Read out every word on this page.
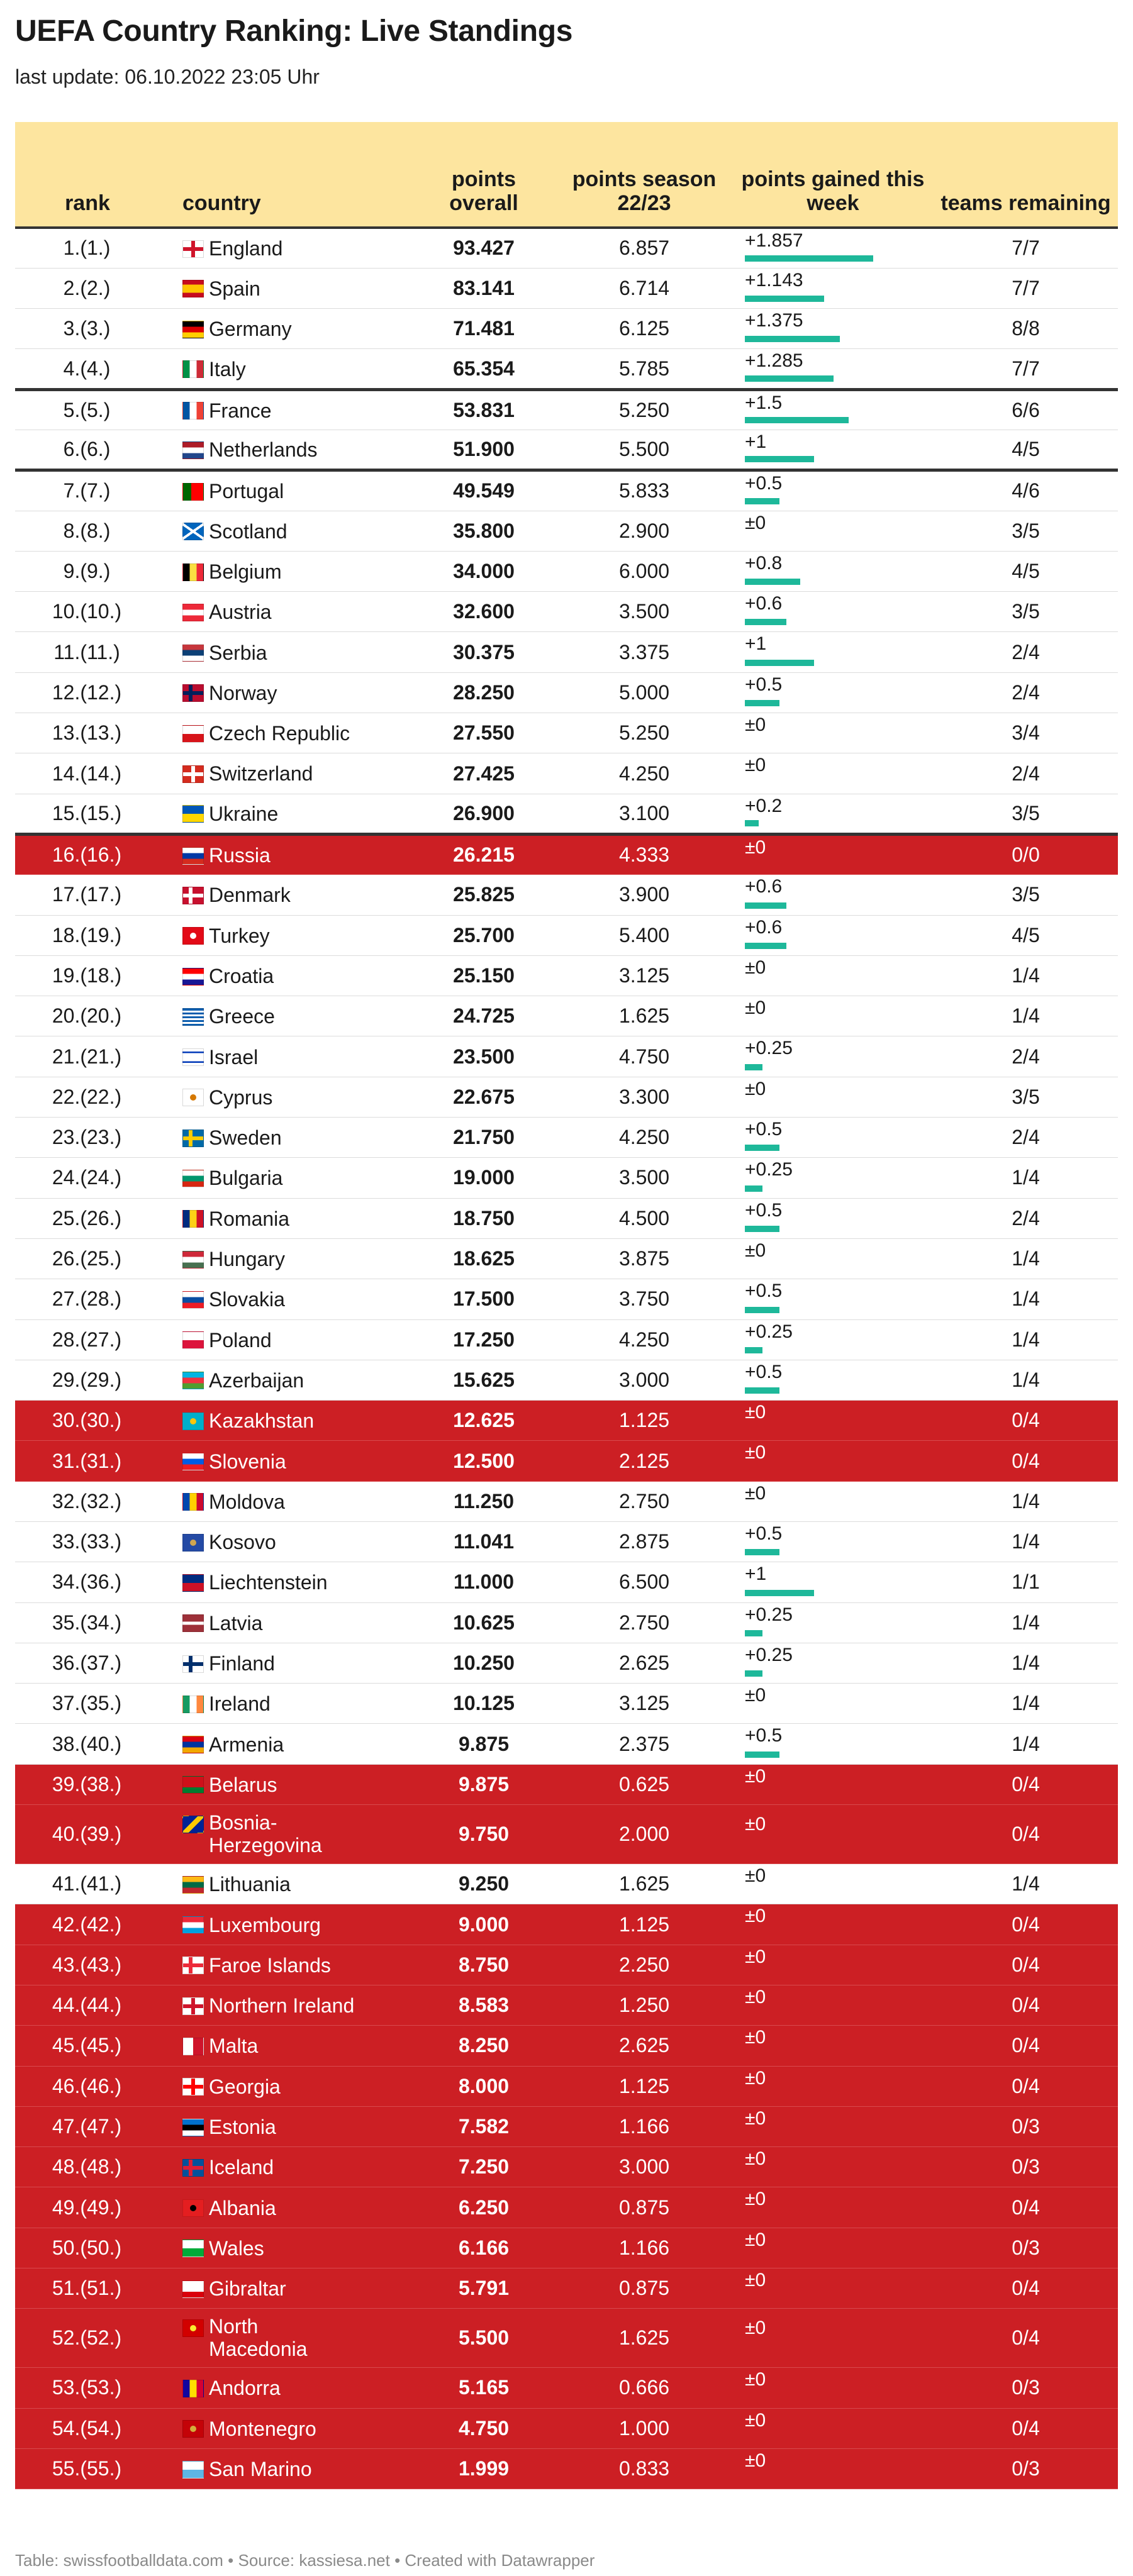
UEFA Country Ranking: Live Standings
last update: 06.10.2022 23:05 Uhr
rank	country	points overall	points season 22/23	points gained this week	teams remaining
1.(1.)	England	93.427	6.857	+1.857	7/7
2.(2.)	Spain	83.141	6.714	+1.143	7/7
3.(3.)	Germany	71.481	6.125	+1.375	8/8
4.(4.)	Italy	65.354	5.785	+1.285	7/7
5.(5.)	France	53.831	5.250	+1.5	6/6
6.(6.)	Netherlands	51.900	5.500	+1	4/5
7.(7.)	Portugal	49.549	5.833	+0.5	4/6
8.(8.)	Scotland	35.800	2.900	±0	3/5
9.(9.)	Belgium	34.000	6.000	+0.8	4/5
10.(10.)	Austria	32.600	3.500	+0.6	3/5
11.(11.)	Serbia	30.375	3.375	+1	2/4
12.(12.)	Norway	28.250	5.000	+0.5	2/4
13.(13.)	Czech Republic	27.550	5.250	±0	3/4
14.(14.)	Switzerland	27.425	4.250	±0	2/4
15.(15.)	Ukraine	26.900	3.100	+0.2	3/5
16.(16.)	Russia	26.215	4.333	±0	0/0
17.(17.)	Denmark	25.825	3.900	+0.6	3/5
18.(19.)	Turkey	25.700	5.400	+0.6	4/5
19.(18.)	Croatia	25.150	3.125	±0	1/4
20.(20.)	Greece	24.725	1.625	±0	1/4
21.(21.)	Israel	23.500	4.750	+0.25	2/4
22.(22.)	Cyprus	22.675	3.300	±0	3/5
23.(23.)	Sweden	21.750	4.250	+0.5	2/4
24.(24.)	Bulgaria	19.000	3.500	+0.25	1/4
25.(26.)	Romania	18.750	4.500	+0.5	2/4
26.(25.)	Hungary	18.625	3.875	±0	1/4
27.(28.)	Slovakia	17.500	3.750	+0.5	1/4
28.(27.)	Poland	17.250	4.250	+0.25	1/4
29.(29.)	Azerbaijan	15.625	3.000	+0.5	1/4
30.(30.)	Kazakhstan	12.625	1.125	±0	0/4
31.(31.)	Slovenia	12.500	2.125	±0	0/4
32.(32.)	Moldova	11.250	2.750	±0	1/4
33.(33.)	Kosovo	11.041	2.875	+0.5	1/4
34.(36.)	Liechtenstein	11.000	6.500	+1	1/1
35.(34.)	Latvia	10.625	2.750	+0.25	1/4
36.(37.)	Finland	10.250	2.625	+0.25	1/4
37.(35.)	Ireland	10.125	3.125	±0	1/4
38.(40.)	Armenia	9.875	2.375	+0.5	1/4
39.(38.)	Belarus	9.875	0.625	±0	0/4
40.(39.)	Bosnia-Herzegovina	9.750	2.000	±0	0/4
41.(41.)	Lithuania	9.250	1.625	±0	1/4
42.(42.)	Luxembourg	9.000	1.125	±0	0/4
43.(43.)	Faroe Islands	8.750	2.250	±0	0/4
44.(44.)	Northern Ireland	8.583	1.250	±0	0/4
45.(45.)	Malta	8.250	2.625	±0	0/4
46.(46.)	Georgia	8.000	1.125	±0	0/4
47.(47.)	Estonia	7.582	1.166	±0	0/3
48.(48.)	Iceland	7.250	3.000	±0	0/3
49.(49.)	Albania	6.250	0.875	±0	0/4
50.(50.)	Wales	6.166	1.166	±0	0/3
51.(51.)	Gibraltar	5.791	0.875	±0	0/4
52.(52.)	North Macedonia	5.500	1.625	±0	0/4
53.(53.)	Andorra	5.165	0.666	±0	0/3
54.(54.)	Montenegro	4.750	1.000	±0	0/4
55.(55.)	San Marino	1.999	0.833	±0	0/3
Table: swissfootballdata.com • Source: kassiesa.net • Created with Datawrapper
